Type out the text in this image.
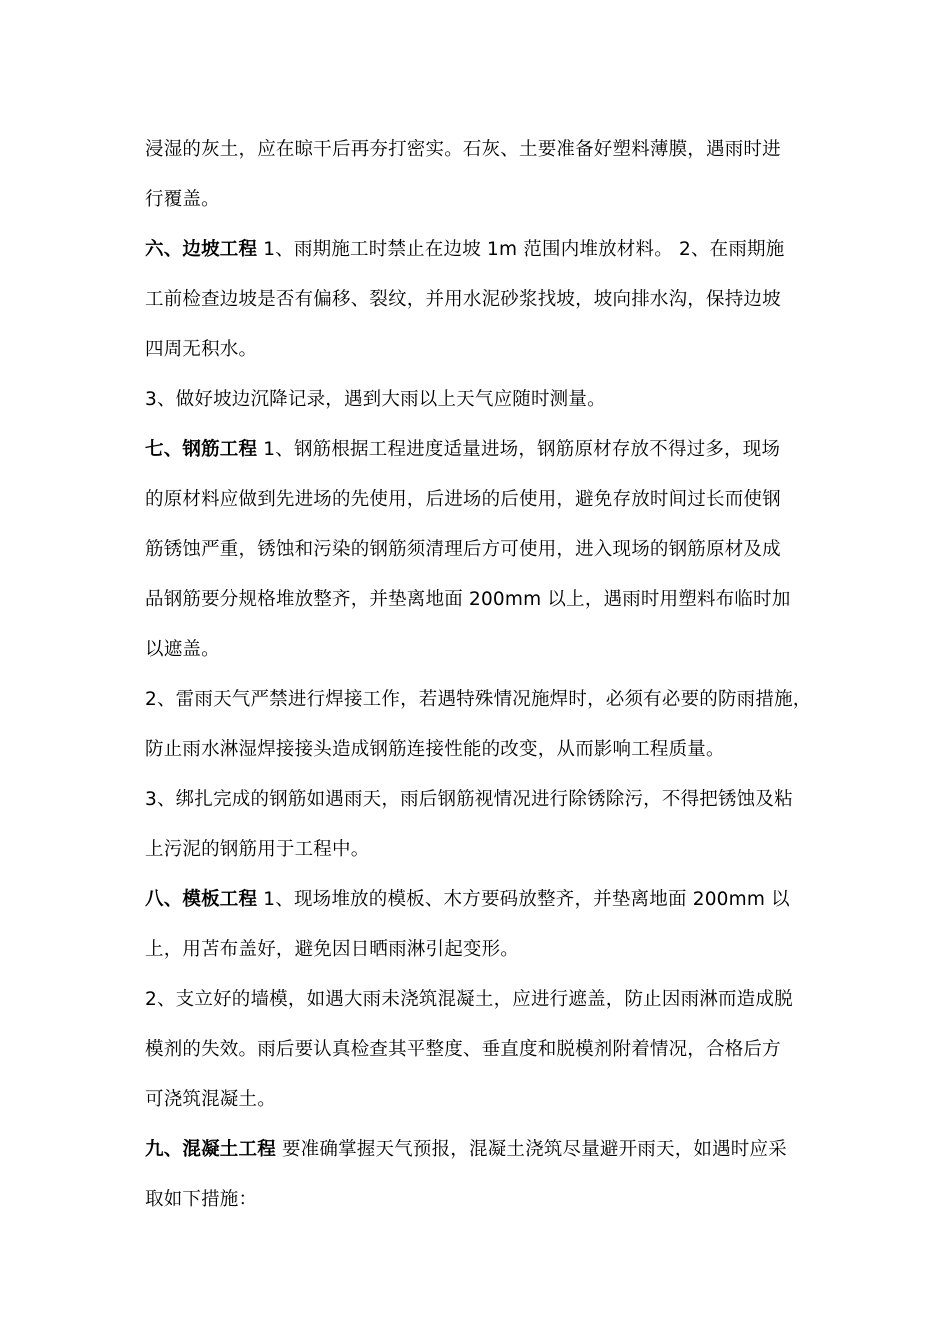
浸湿的灰土，应在晾干后再夯打密实。石灰、土要准备好塑料薄膜，遇雨时进
行覆盖。
六、边坡工程 1、雨期施工时禁止在边坡 1m 范围内堆放材料。 2、在雨期施
工前检查边坡是否有偏移、裂纹，并用水泥砂浆找坡，坡向排水沟，保持边坡
四周无积水。
3、做好坡边沉降记录，遇到大雨以上天气应随时测量。
七、钢筋工程 1、钢筋根据工程进度适量进场，钢筋原材存放不得过多，现场
的原材料应做到先进场的先使用，后进场的后使用，避免存放时间过长而使钢
筋锈蚀严重，锈蚀和污染的钢筋须清理后方可使用，进入现场的钢筋原材及成
品钢筋要分规格堆放整齐，并垫离地面 200mm 以上，遇雨时用塑料布临时加
以遮盖。
2、雷雨天气严禁进行焊接工作，若遇特殊情况施焊时，必须有必要的防雨措施，
防止雨水淋湿焊接接头造成钢筋连接性能的改变，从而影响工程质量。
3、绑扎完成的钢筋如遇雨天，雨后钢筋视情况进行除锈除污，不得把锈蚀及粘
上污泥的钢筋用于工程中。
八、模板工程 1、现场堆放的模板、木方要码放整齐，并垫离地面 200mm 以
上，用苫布盖好，避免因日晒雨淋引起变形。
2、支立好的墙模，如遇大雨未浇筑混凝土，应进行遮盖，防止因雨淋而造成脱
模剂的失效。雨后要认真检查其平整度、垂直度和脱模剂附着情况，合格后方
可浇筑混凝土。
九、混凝土工程 要准确掌握天气预报，混凝土浇筑尽量避开雨天，如遇时应采
取如下措施：
